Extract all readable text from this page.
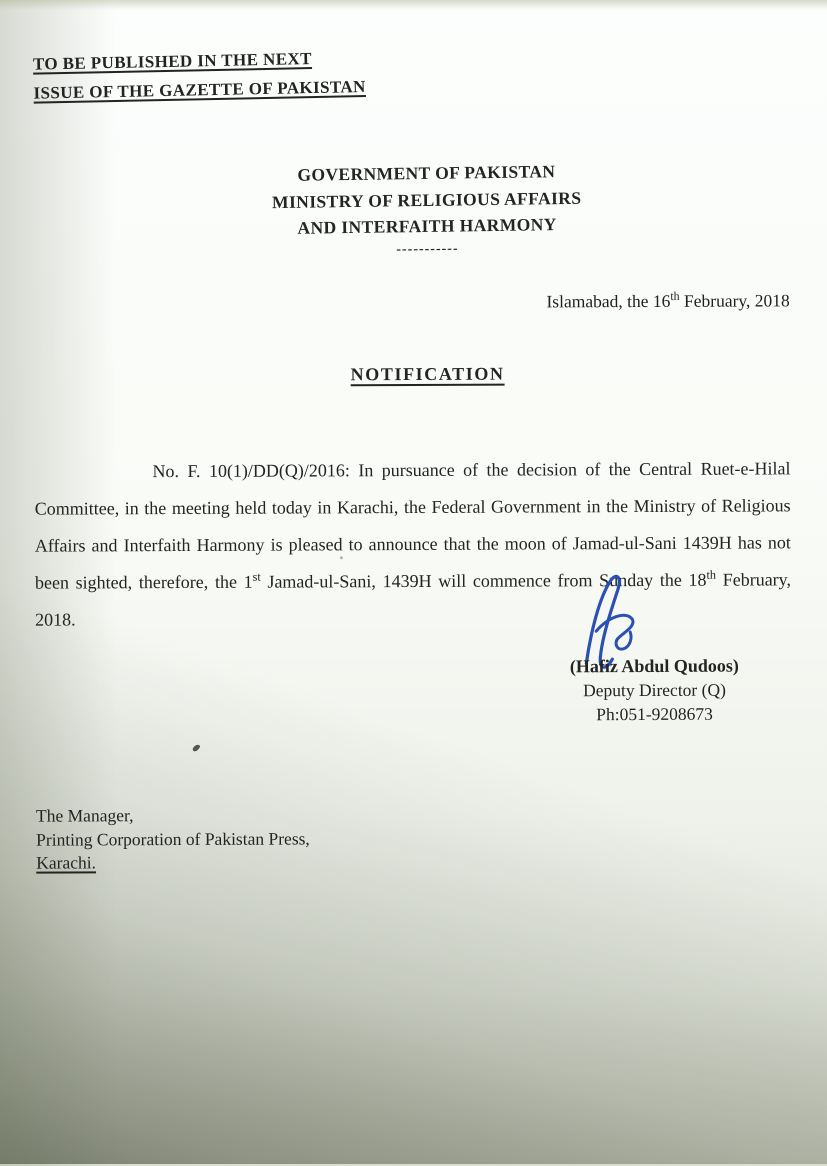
TO BE PUBLISHED IN THE NEXT
ISSUE OF THE GAZETTE OF PAKISTAN
GOVERNMENT OF PAKISTAN
MINISTRY OF RELIGIOUS AFFAIRS
AND INTERFAITH HARMONY
-----------
Islamabad, the 16th February, 2018
NOTIFICATION

No. F. 10(1)/DD(Q)/2016: In pursuance of the decision of the Central Ruet-e-Hilal Committee, in the meeting held today in Karachi, the Federal Government in the Ministry of Religious Affairs and Interfaith Harmony is pleased to announce that the moon of Jamad-ul-Sani 1439H has not been sighted, therefore, the 1st Jamad-ul-Sani, 1439H will commence from Sunday the 18th February, 2018.

(Hafiz Abdul Qudoos)
Deputy Director (Q)
Ph:051-9208673
The Manager,
Printing Corporation of Pakistan Press,
Karachi.
